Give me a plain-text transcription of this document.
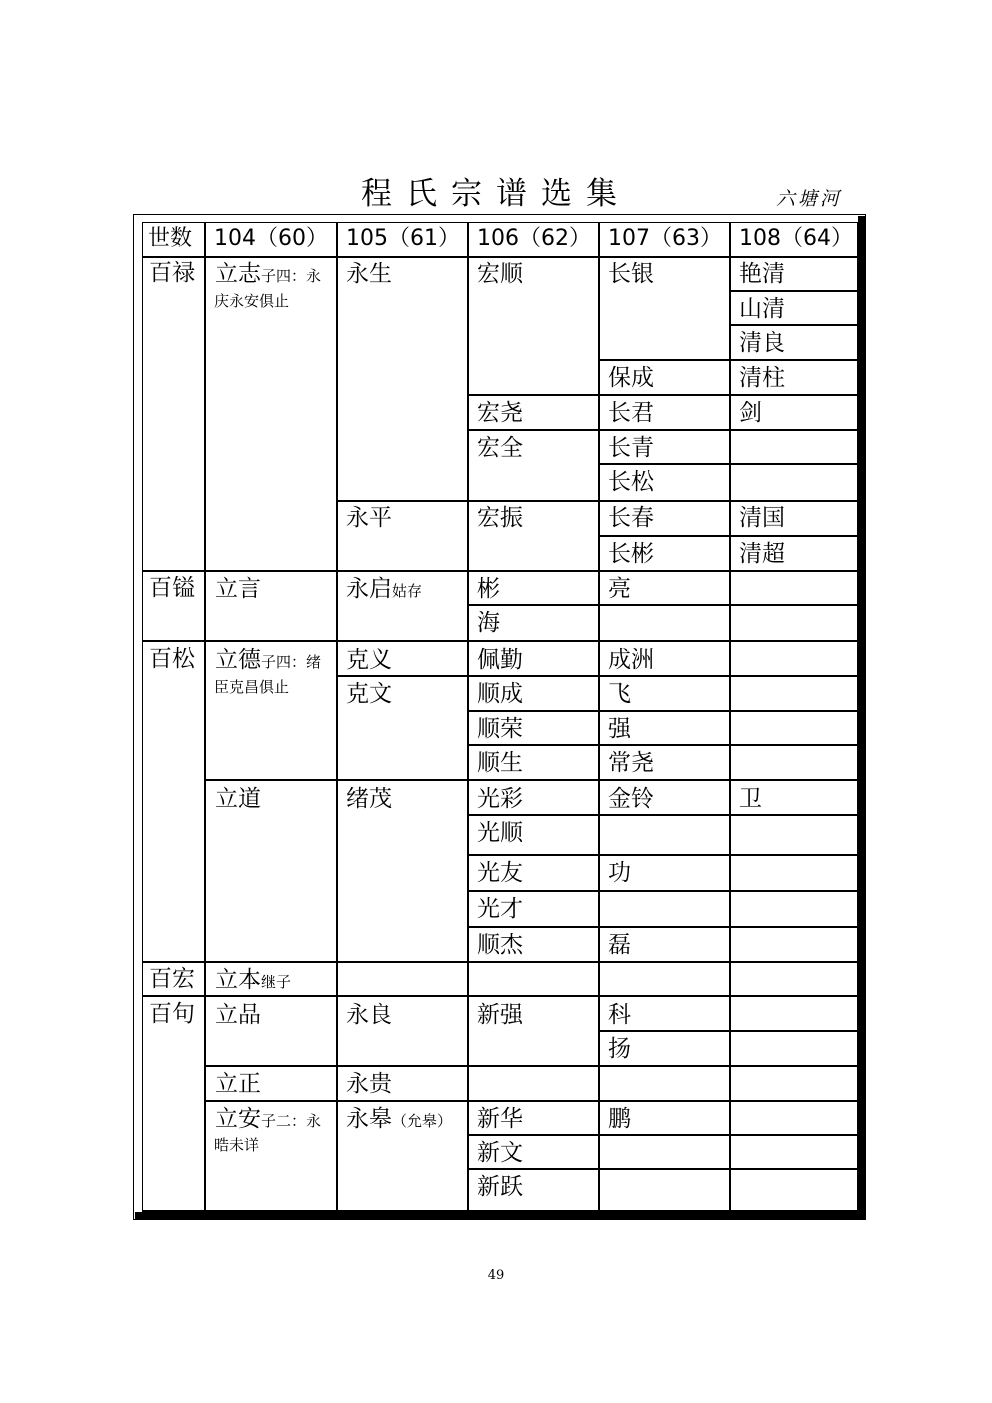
程氏宗谱选集	六塘河
世数 104（60） 105（61） 106（62） 107（63） 108（64）
百禄
百镒
百松
百宏
百句
立志子四：永
庆永安俱止
立言
立德子四：绪
臣克昌俱止
立道
立本继子
立品
立正
立安子二：永
晧未详
永生
永平
永启姑存
克义
克文
绪茂
永良
永贵
永皋（允皋）
宏顺
宏尧
宏全
宏振
彬
海
佩勤
顺成
顺荣
顺生
光彩
光顺
光友
光才
顺杰
新强
新华
新文
新跃
长银
保成
长君
长青
长松
长春
长彬
亮
成洲
飞
强
常尧
金铃
功
磊
科
扬
鹏
艳清
山清
清良
清柱
剑
清国
清超
卫
49
